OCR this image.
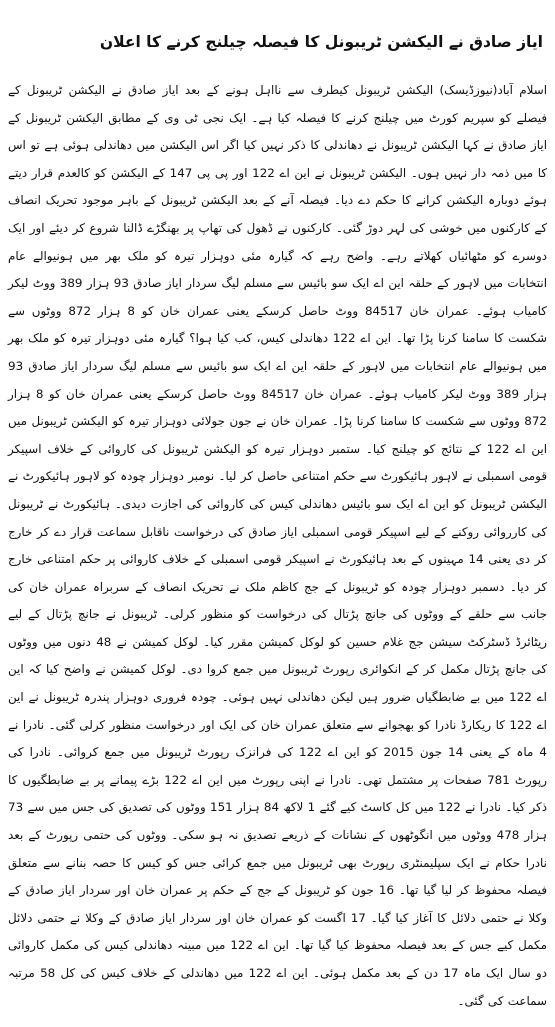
ایاز صادق نے الیکشن ٹریبونل کا فیصلہ چیلنج کرنے کا اعلان

اسلام آباد(نیوزڈیسک) الیکشن ٹریبونل کیطرف سے نااہل ہونے کے بعد ایاز صادق نے الیکشن ٹریبونل کے فیصلے کو سپریم کورٹ میں چیلنج کرنے کا فیصلہ کیا ہے۔ ایک نجی ٹی وی کے مطابق الیکشن ٹریبونل کے ایاز صادق نے کہا الیکشن ٹریبونل نے دھاندلی کا ذکر نہیں کیا اگر اس الیکشن میں دھاندلی ہوئی ہے تو اس کا میں ذمہ دار نہیں ہوں۔ الیکشن ٹریبونل نے این اے 122 اور پی پی 147 کے الیکشن کو کالعدم قرار دیتے ہوئے دوبارہ الیکشن کرانے کا حکم دے دیا۔ فیصلہ آنے کے بعد الیکشن ٹریبونل کے باہر موجود تحریک انصاف کے کارکنوں میں خوشی کی لہر دوڑ گئی۔ کارکنوں نے ڈھول کی تھاپ پر بھنگڑے ڈالنا شروع کر دیئے اور ایک دوسرے کو مٹھائیاں کھلاتے رہے۔ واضح رہے کہ گیارہ مئی دوہزار تیرہ کو ملک بھر میں ہونیوالے عام انتخابات میں لاہور کے حلقہ این اے ایک سو بائیس سے مسلم لیگ سردار ایاز صادق 93 ہزار 389 ووٹ لیکر کامیاب ہوئے۔ عمران خان 84517 ووٹ حاصل کرسکے یعنی عمران خان کو 8 ہزار 872 ووٹوں سے شکست کا سامنا کرنا پڑا تھا۔ این اے 122 دھاندلی کیس، کب کیا ہوا؟ گیارہ مئی دوہزار تیرہ کو ملک بھر میں ہونیوالے عام انتخابات میں لاہور کے حلقہ این اے ایک سو بائیس سے مسلم لیگ سردار ایاز صادق 93 ہزار 389 ووٹ لیکر کامیاب ہوئے۔ عمران خان 84517 ووٹ حاصل کرسکے یعنی عمران خان کو 8 ہزار 872 ووٹوں سے شکست کا سامنا کرنا پڑا۔ عمران خان نے جون جولائی دوہزار تیرہ کو الیکشن ٹریبونل میں این اے 122 کے نتائج کو چیلنج کیا۔ ستمبر دوہزار تیرہ کو الیکشن ٹریبونل کی کاروائی کے خلاف اسپیکر قومی اسمبلی نے لاہور ہائیکورٹ سے حکم امتناعی حاصل کر لیا۔ نومبر دوہزار چودہ کو لاہور ہائیکورٹ نے الیکشن ٹریبونل کو این اے ایک سو بائیس دھاندلی کیس کی کاروائی کی اجازت دیدی۔ ہائیکورٹ نے ٹریبونل کی کارروائی روکنے کے لیے اسپیکر قومی اسمبلی ایاز صادق کی درخواست ناقابل سماعت قرار دے کر خارج کر دی یعنی 14 مہینوں کے بعد ہائیکورٹ نے اسپیکر قومی اسمبلی کے خلاف کاروائی پر حکم امتناعی خارج کر دیا۔ دسمبر دوہزار چودہ کو ٹریبونل کے جج کاظم ملک نے تحریک انصاف کے سربراہ عمران خان کی جانب سے حلقے کے ووٹوں کی جانچ پڑتال کی درخواست کو منظور کرلی۔ ٹریبونل نے جانچ پڑتال کے لیے ریٹائرڈ ڈسٹرکٹ سیشن جج غلام حسین کو لوکل کمیشن مقرر کیا۔ لوکل کمیشن نے 48 دنوں میں ووٹوں کی جانچ پڑتال مکمل کر کے انکوائری رپورٹ ٹریبونل میں جمع کروا دی۔ لوکل کمیشن نے واضح کیا کہ این اے 122 میں بے ضابطگیاں ضرور ہیں لیکن دھاندلی نہیں ہوئی۔ چودہ فروری دوہزار پندرہ ٹریبونل نے این اے 122 کا ریکارڈ نادرا کو بھجوانے سے متعلق عمران خان کی ایک اور درخواست منظور کرلی گئی۔ نادرا نے 4 ماہ کے یعنی 14 جون 2015 کو این اے 122 کی فرانزک رپورٹ ٹریبونل میں جمع کروائی۔ نادرا کی رپورٹ 781 صفحات پر مشتمل تھی۔ نادرا نے اپنی رپورٹ میں این اے 122 بڑے پیمانے پر بے ضابطگیوں کا ذکر کیا۔ نادرا نے 122 میں کل کاسٹ کیے گئے 1 لاکھ 84 ہزار 151 ووٹوں کی تصدیق کی جس میں سے 73 ہزار 478 ووٹوں میں انگوٹھوں کے نشانات کے ذریعے تصدیق نہ ہو سکی۔ ووٹوں کی حتمی رپورٹ کے بعد نادرا حکام نے ایک سپلیمنٹری رپورٹ بھی ٹریبونل میں جمع کرائی جس کو کیس کا حصہ بنانے سے متعلق فیصلہ محفوظ کر لیا گیا تھا۔ 16 جون کو ٹریبونل کے جج کے حکم پر عمران خان اور سردار ایاز صادق کے وکلا نے حتمی دلائل کا آغاز کیا گیا۔ 17 اگست کو عمران خان اور سردار ایاز صادق کے وکلا نے حتمی دلائل مکمل کیے جس کے بعد فیصلہ محفوظ کیا گیا تھا۔ این اے 122 میں مبینہ دھاندلی کیس کی مکمل کاروائی دو سال ایک ماہ 17 دن کے بعد مکمل ہوئی۔ این اے 122 میں دھاندلی کے خلاف کیس کی کل 58 مرتبہ سماعت کی گئی۔
